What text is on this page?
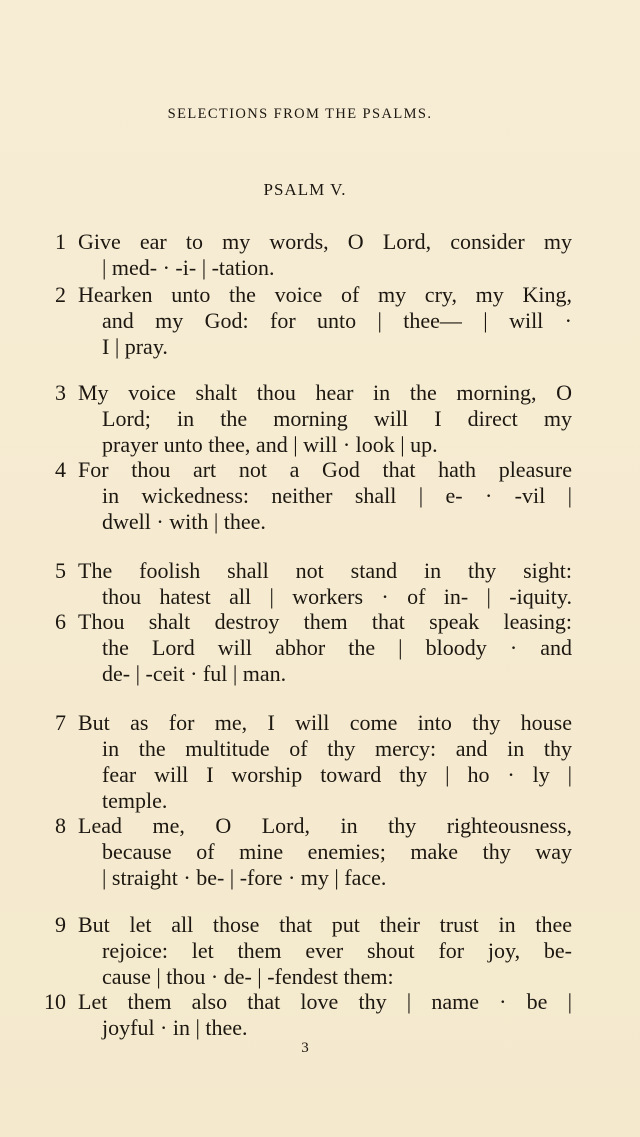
SELECTIONS FROM THE PSALMS.
PSALM V.
1 Give ear to my words, O Lord, consider my
| med- · -i- | -tation.
2 Hearken unto the voice of my cry, my King,
and my God: for unto | thee— | will ·
I | pray.
3 My voice shalt thou hear in the morning, O
Lord; in the morning will I direct my
prayer unto thee, and | will · look | up.
4 For thou art not a God that hath pleasure
in wickedness: neither shall | e- · -vil |
dwell · with | thee.
5 The foolish shall not stand in thy sight:
thou hatest all | workers · of in- | -iquity.
6 Thou shalt destroy them that speak leasing:
the Lord will abhor the | bloody · and
de- | -ceit · ful | man.
7 But as for me, I will come into thy house
in the multitude of thy mercy: and in thy
fear will I worship toward thy | ho · ly |
temple.
8 Lead me, O Lord, in thy righteousness,
because of mine enemies; make thy way
| straight · be- | -fore · my | face.
9 But let all those that put their trust in thee
rejoice: let them ever shout for joy, be-
cause | thou · de- | -fendest them:
10 Let them also that love thy | name · be |
joyful · in | thee.
3
